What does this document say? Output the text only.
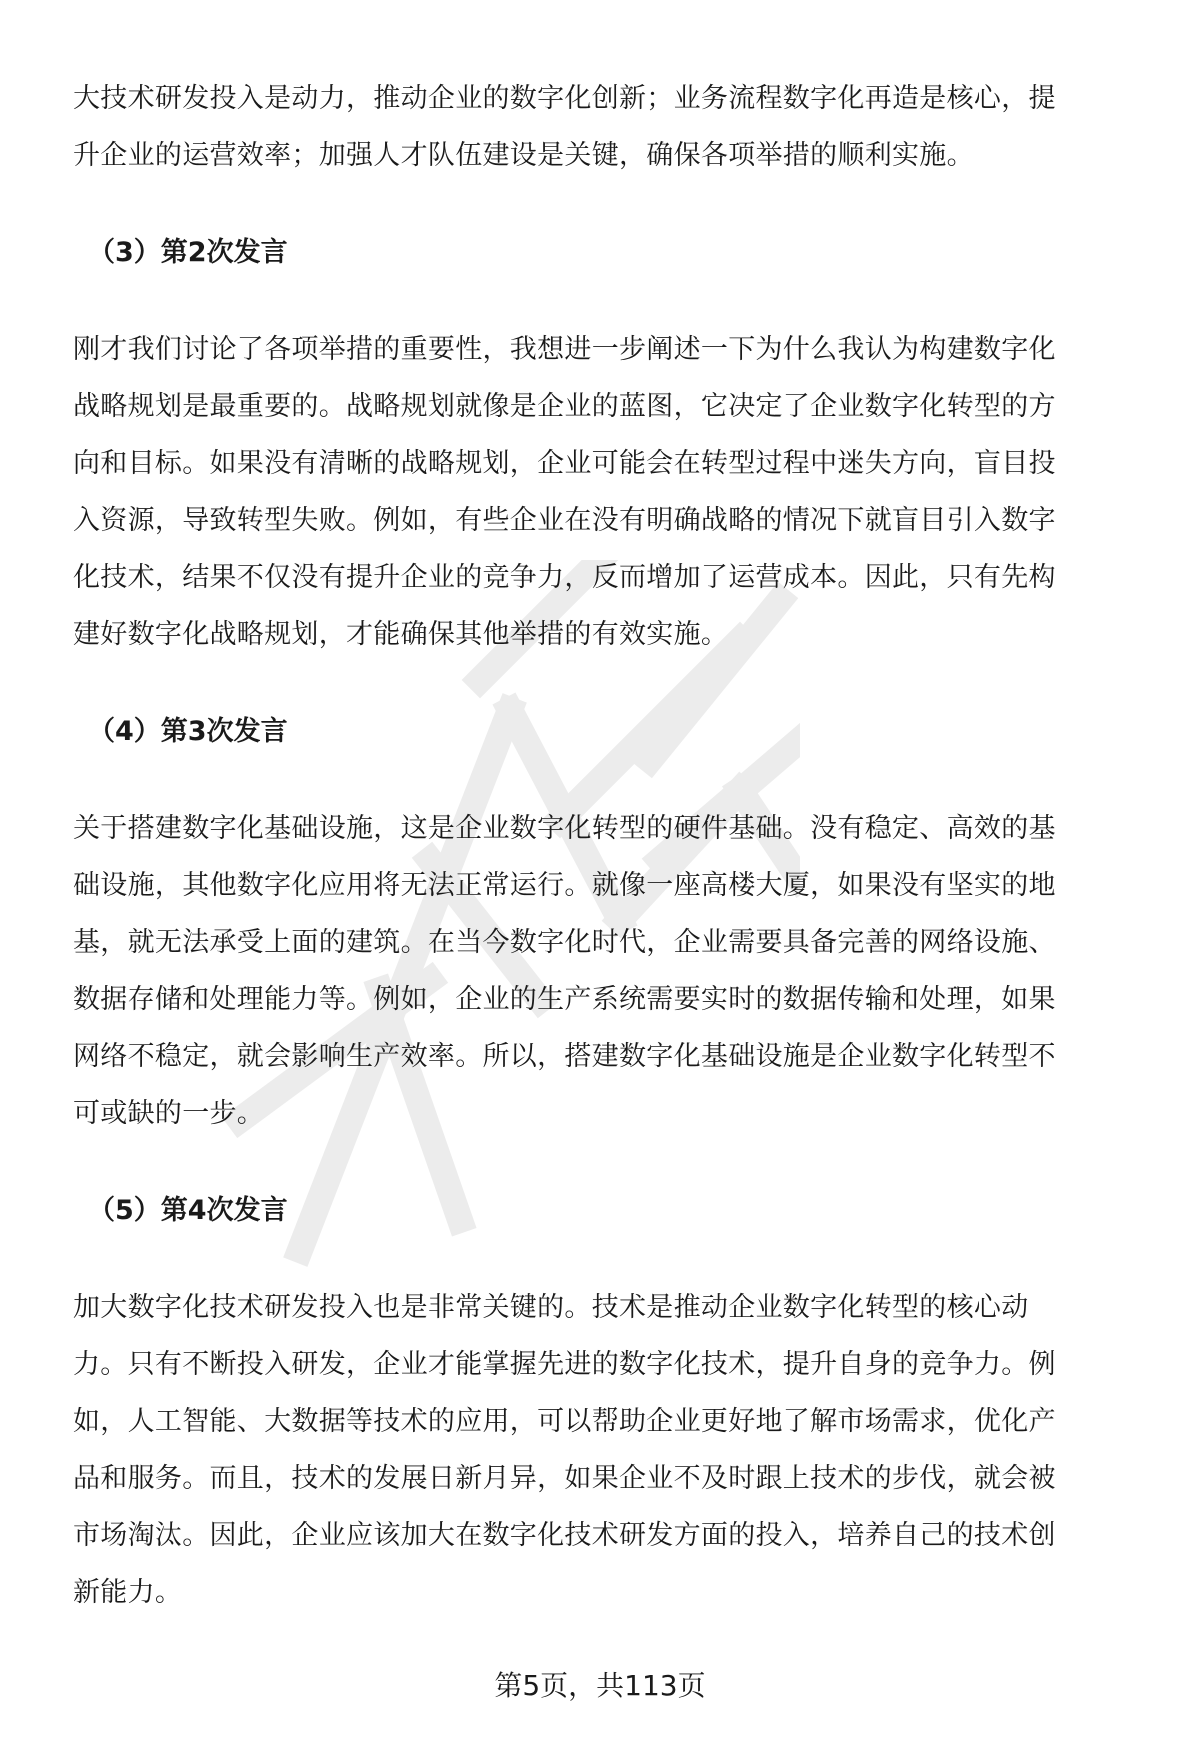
大技术研发投入是动力，推动企业的数字化创新；业务流程数字化再造是核心，提
升企业的运营效率；加强人才队伍建设是关键，确保各项举措的顺利实施。
（3）第2次发言
刚才我们讨论了各项举措的重要性，我想进一步阐述一下为什么我认为构建数字化
战略规划是最重要的。战略规划就像是企业的蓝图，它决定了企业数字化转型的方
向和目标。如果没有清晰的战略规划，企业可能会在转型过程中迷失方向，盲目投
入资源，导致转型失败。例如，有些企业在没有明确战略的情况下就盲目引入数字
化技术，结果不仅没有提升企业的竞争力，反而增加了运营成本。因此，只有先构
建好数字化战略规划，才能确保其他举措的有效实施。
（4）第3次发言
关于搭建数字化基础设施，这是企业数字化转型的硬件基础。没有稳定、高效的基
础设施，其他数字化应用将无法正常运行。就像一座高楼大厦，如果没有坚实的地
基，就无法承受上面的建筑。在当今数字化时代，企业需要具备完善的网络设施、
数据存储和处理能力等。例如，企业的生产系统需要实时的数据传输和处理，如果
网络不稳定，就会影响生产效率。所以，搭建数字化基础设施是企业数字化转型不
可或缺的一步。
（5）第4次发言
加大数字化技术研发投入也是非常关键的。技术是推动企业数字化转型的核心动
力。只有不断投入研发，企业才能掌握先进的数字化技术，提升自身的竞争力。例
如，人工智能、大数据等技术的应用，可以帮助企业更好地了解市场需求，优化产
品和服务。而且，技术的发展日新月异，如果企业不及时跟上技术的步伐，就会被
市场淘汰。因此，企业应该加大在数字化技术研发方面的投入，培养自己的技术创
新能力。
第5页，共113页
